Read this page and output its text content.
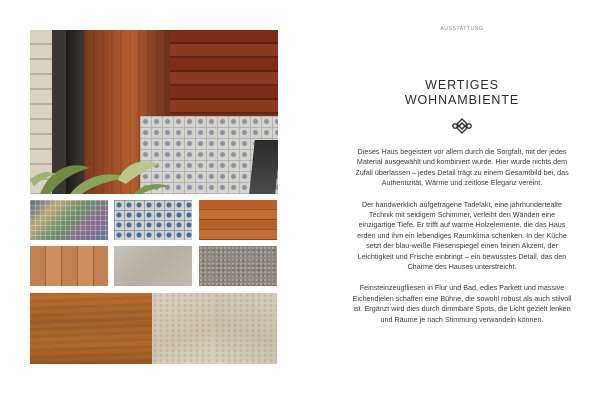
AUSSTATTUNG
WERTIGES
WOHNAMBIENTE

Dieses Haus begeistert vor allem durch die Sorgfalt, mit der jedes Material ausgewählt und kombiniert wurde. Hier wurde nichts dem Zufall überlassen – jedes Detail trägt zu einem Gesamtbild bei, das Authentizität, Wärme und zeitlose Eleganz vereint.

Der handwerklich aufgetragene Tadelakt, eine jahrhundertealte Technik mit seidigem Schimmer, verleiht den Wänden eine einzigartige Tiefe. Er trifft auf warme Holzelemente, die das Haus erden und ihm ein lebendiges Raumklima schenken. In der Küche setzt der blau-weiße Fliesenspiegel einen feinen Akzent, der Leichtigkeit und Frische einbringt – ein bewusstes Detail, das den Charme des Hauses unterstreicht.

Feinsteinzeugfliesen in Flur und Bad, edles Parkett und massive Eichendielen schaffen eine Bühne, die sowohl robust als auch stilvoll ist. Ergänzt wird dies durch dimmbare Spots, die Licht gezielt lenken und Räume je nach Stimmung verwandeln können.
